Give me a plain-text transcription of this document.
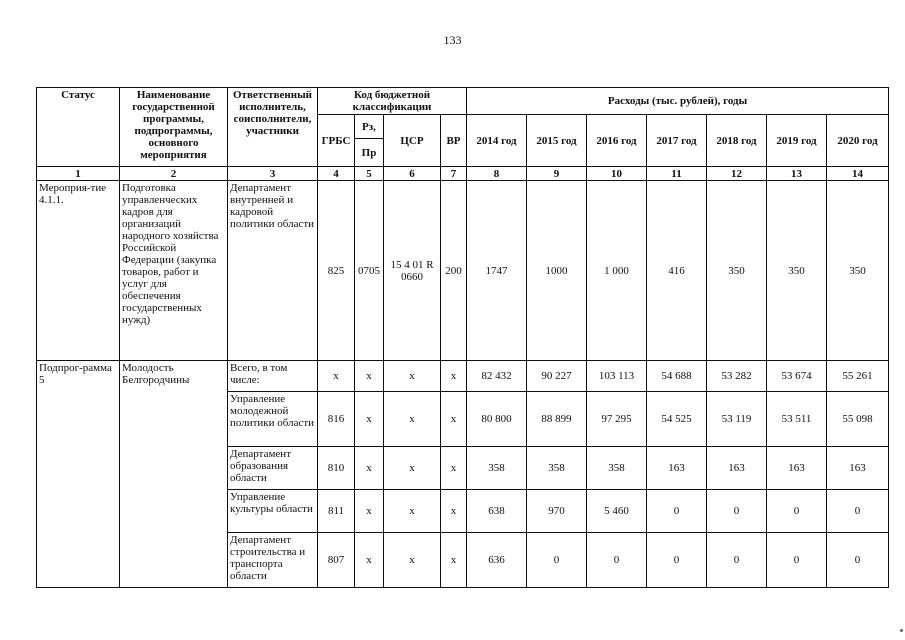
133
Статус	Наименование государственной программы, подпрограммы, основного мероприятия	Ответственный исполнитель, соисполнители, участники	Код бюджетной классификации				Расходы (тыс. рублей), годы						
			ГРБС	Рз,	ЦСР	ВР	2014 год	2015 год	2016 год	2017 год	2018 год	2019 год	2020 год
				Пр									
1	2	3	4	5	6	7	8	9	10	11	12	13	14
Мероприя-тие 4.1.1.	Подготовка управленческих кадров для организаций народного хозяйства Российской Федерации (закупка товаров, работ и услуг для обеспечения государственных нужд)	Департамент внутренней и кадровой политики области	825	0705	15 4 01 R 0660	200	1747	1000	1 000	416	350	350	350
Подпрог-рамма 5	Молодость Белгородчины	Всего, в том числе:	x	x	x	x	82 432	90 227	103 113	54 688	53 282	53 674	55 261
		Управление молодежной политики области	816	x	x	x	80 800	88 899	97 295	54 525	53 119	53 511	55 098
		Департамент образования области	810	x	x	x	358	358	358	163	163	163	163
		Управление культуры области	811	x	x	x	638	970	5 460	0	0	0	0
		Департамент строительства и транспорта области	807	x	x	x	636	0	0	0	0	0	0
